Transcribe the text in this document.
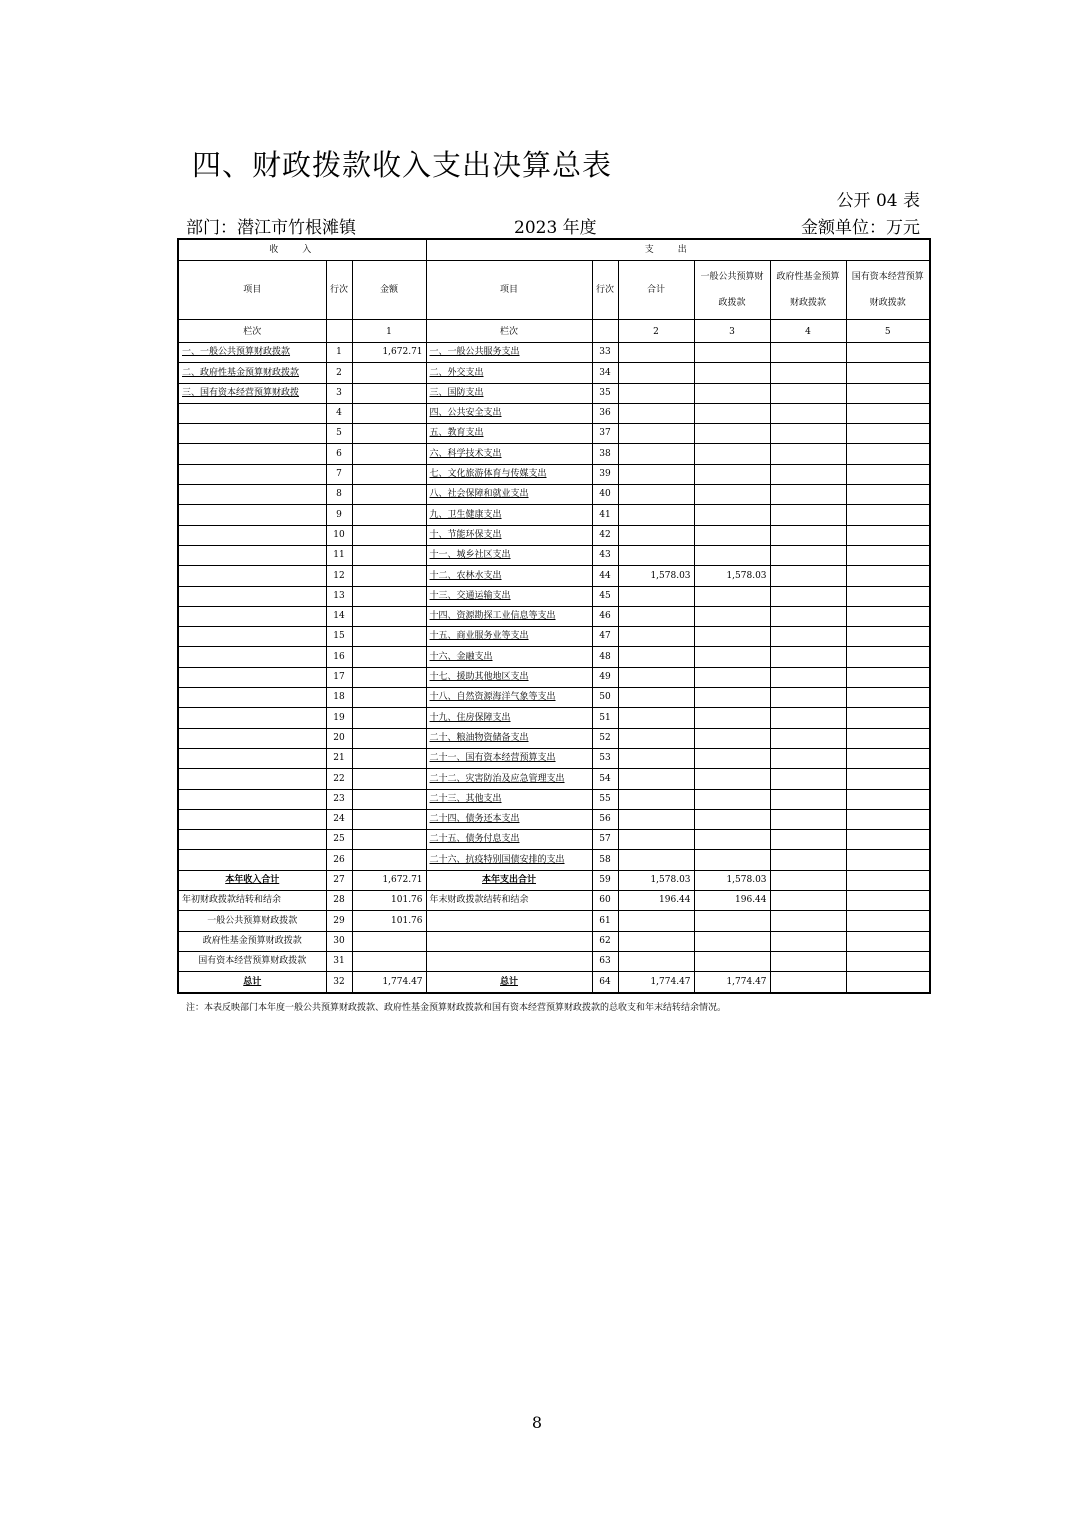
四、财政拨款收入支出决算总表
公开 04 表
部门：潜江市竹根滩镇	2023 年度	金额单位：万元
收入			支出					
项目	行次	金额	项目	行次	合计	一般公共预算财政拨款	政府性基金预算财政拨款	国有资本经营预算财政拨款
栏次		1	栏次		2	3	4	5
一、一般公共预算财政拨款	1	1,672.71	一、一般公共服务支出	33				
二、政府性基金预算财政拨款	2		二、外交支出	34				
三、国有资本经营预算财政拨	3		三、国防支出	35				
	4		四、公共安全支出	36				
	5		五、教育支出	37				
	6		六、科学技术支出	38				
	7		七、文化旅游体育与传媒支出	39				
	8		八、社会保障和就业支出	40				
	9		九、卫生健康支出	41				
	10		十、节能环保支出	42				
	11		十一、城乡社区支出	43				
	12		十二、农林水支出	44	1,578.03	1,578.03		
	13		十三、交通运输支出	45				
	14		十四、资源勘探工业信息等支出	46				
	15		十五、商业服务业等支出	47				
	16		十六、金融支出	48				
	17		十七、援助其他地区支出	49				
	18		十八、自然资源海洋气象等支出	50				
	19		十九、住房保障支出	51				
	20		二十、粮油物资储备支出	52				
	21		二十一、国有资本经营预算支出	53				
	22		二十二、灾害防治及应急管理支出	54				
	23		二十三、其他支出	55				
	24		二十四、债务还本支出	56				
	25		二十五、债务付息支出	57				
	26		二十六、抗疫特别国债安排的支出	58				
本年收入合计	27	1,672.71	本年支出合计	59	1,578.03	1,578.03		
年初财政拨款结转和结余	28	101.76	年末财政拨款结转和结余	60	196.44	196.44		
一般公共预算财政拨款	29	101.76		61				
政府性基金预算财政拨款	30			62				
国有资本经营预算财政拨款	31			63				
总计	32	1,774.47	总计	64	1,774.47	1,774.47		
注：本表反映部门本年度一般公共预算财政拨款、政府性基金预算财政拨款和国有资本经营预算财政拨款的总收支和年末结转结余情况。
8
